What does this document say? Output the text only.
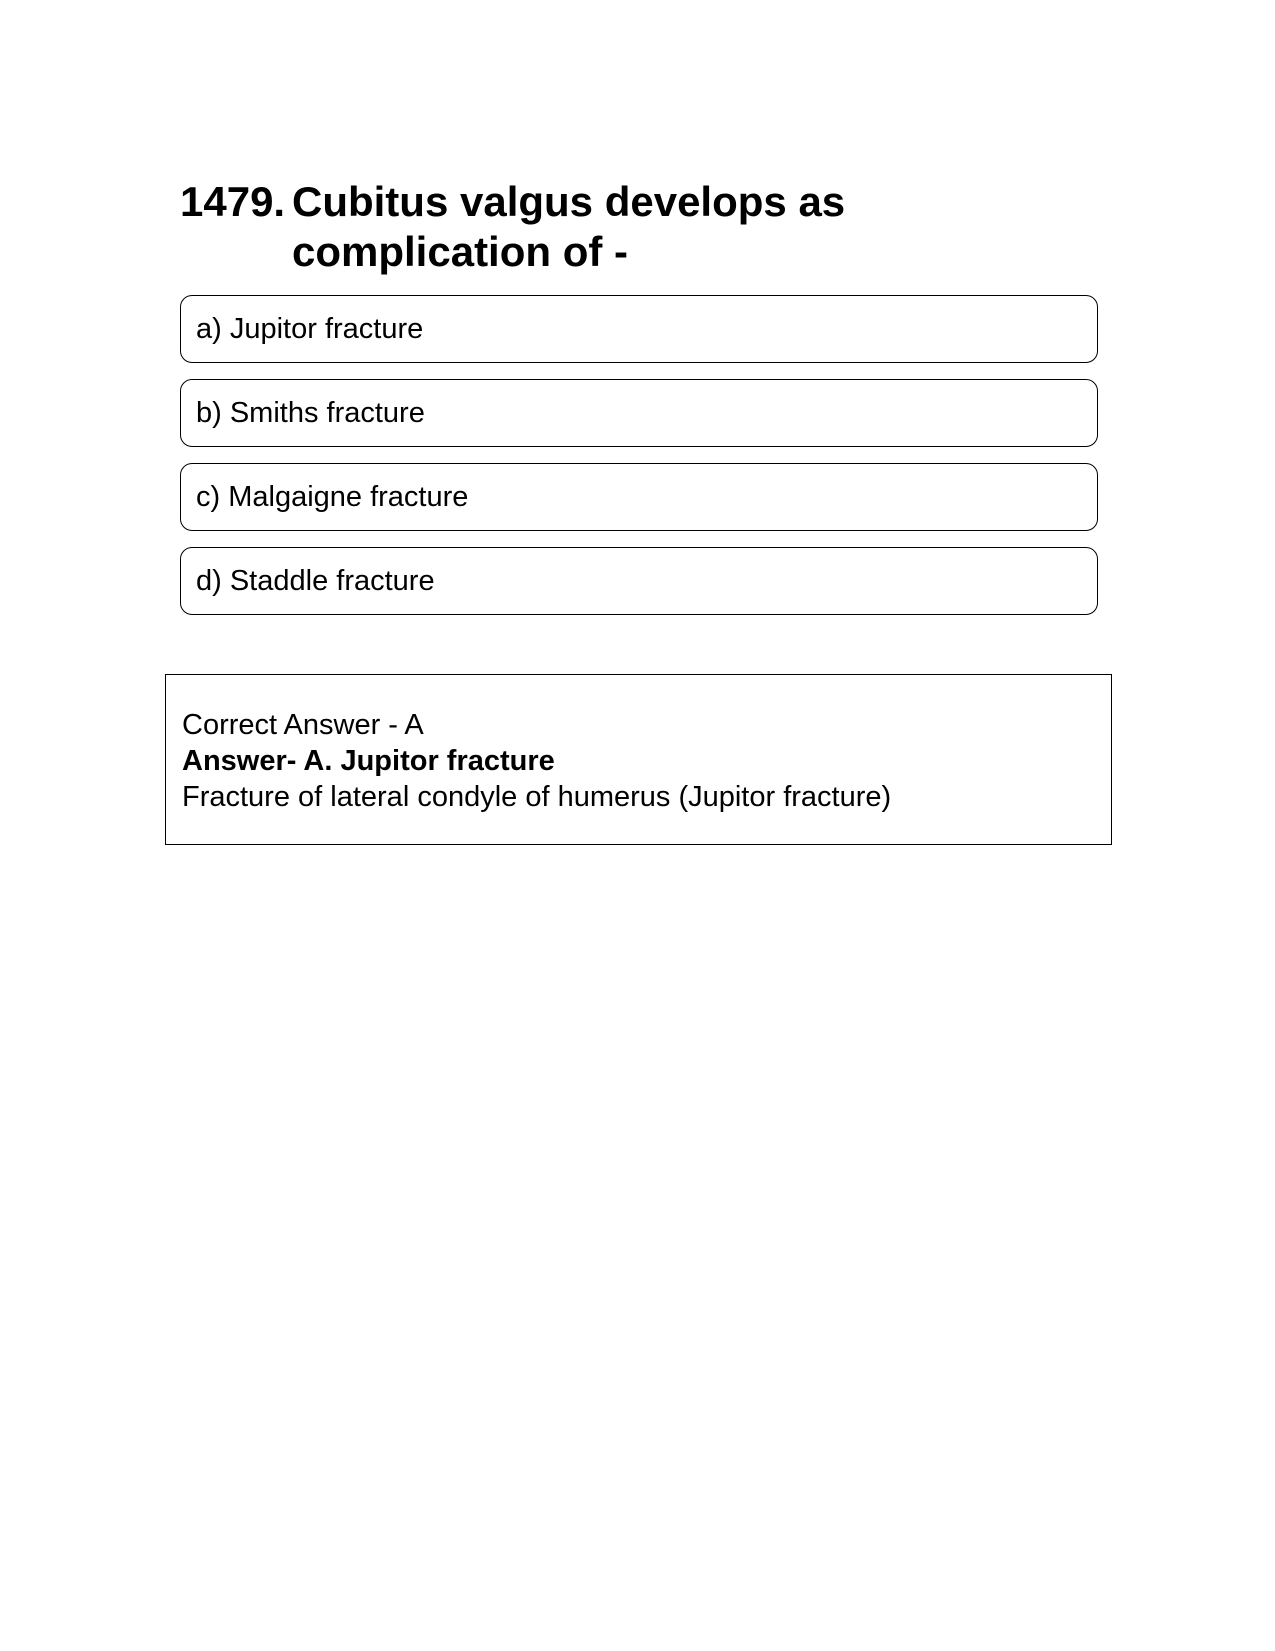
1479. Cubitus valgus develops as complication of -
a) Jupitor fracture
b) Smiths fracture
c) Malgaigne fracture
d) Staddle fracture
Correct Answer - A
Answer- A. Jupitor fracture
Fracture of lateral condyle of humerus (Jupitor fracture)
